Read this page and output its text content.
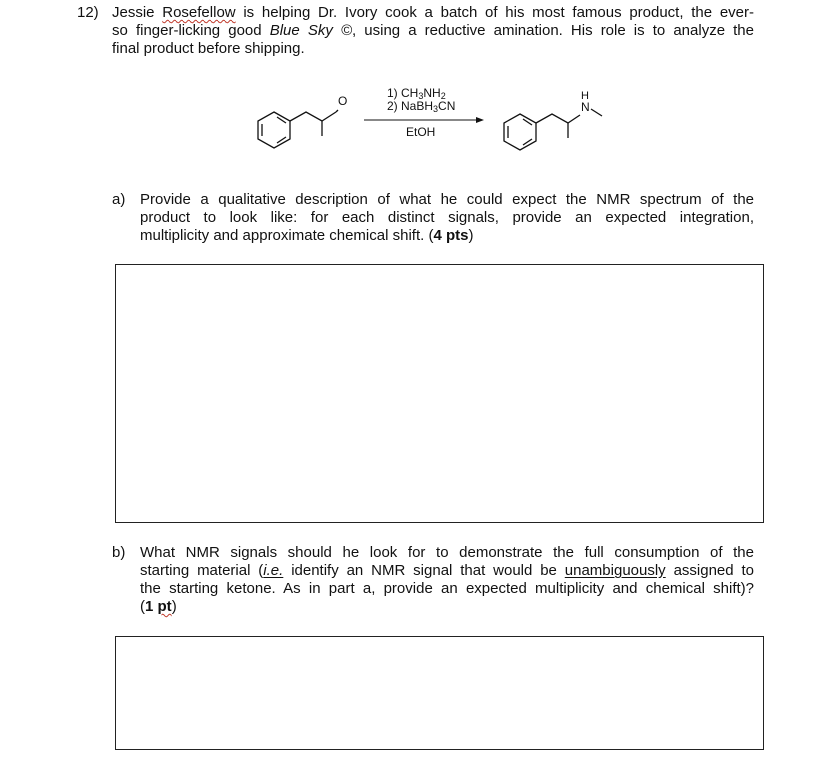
12) Jessie Rosefellow is helping Dr. Ivory cook a batch of his most famous product, the ever-
so finger-licking good Blue Sky ©, using a reductive amination. His role is to analyze the
final product before shipping.
O	H
N
1) $CH_3NH_2$
2) NaBH$_3$CN
EtOH
a) Provide a qualitative description of what he could expect the NMR spectrum of the
product to look like: for each distinct signals, provide an expected integration,
multiplicity and approximate chemical shift. (4 pts)
b) What NMR signals should he look for to demonstrate the full consumption of the
starting material (i.e. identify an NMR signal that would be unambiguously assigned to
the starting ketone. As in part a, provide an expected multiplicity and chemical shift)?
(1 pt)
